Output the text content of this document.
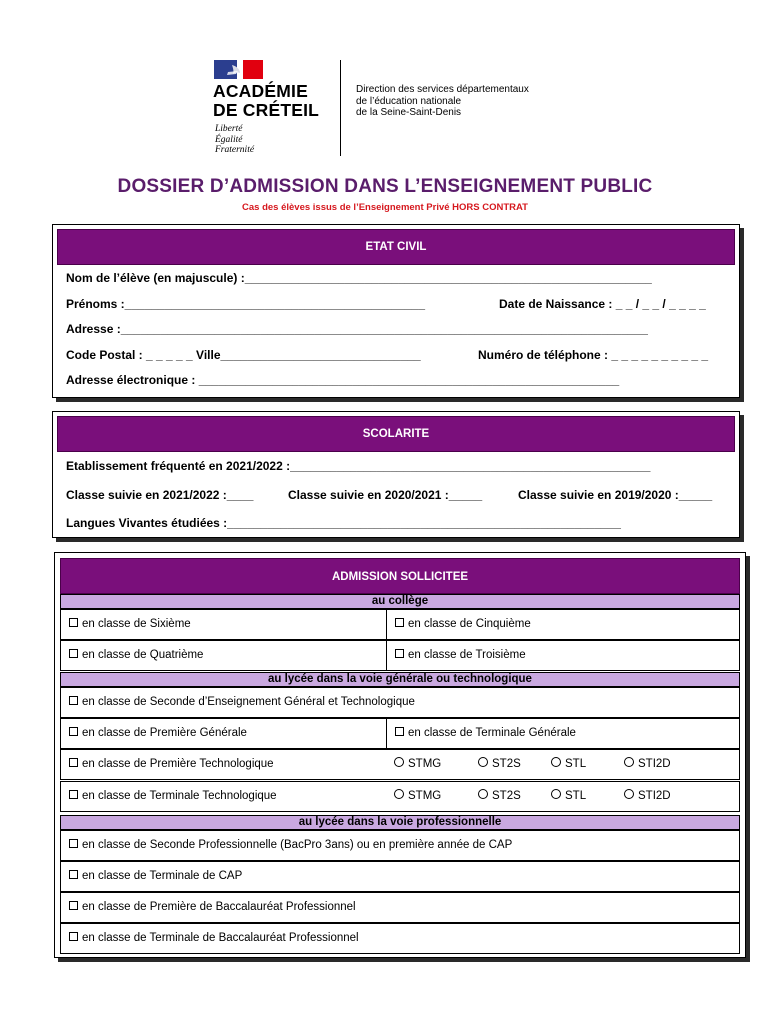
ACADÉMIE
DE CRÉTEIL
Liberté
Égalité
Fraternité
Direction des services départementaux
de l’éducation nationale
de la Seine-Saint-Denis
DOSSIER D’ADMISSION DANS L’ENSEIGNEMENT PUBLIC
Cas des élèves issus de l’Enseignement Privé HORS CONTRAT
ETAT CIVIL
Nom de l’élève (en majuscule) :_____________________________________________________________
Prénoms :_____________________________________________	Date de Naissance : _ _ / _ _ / _ _ _ _
Adresse :_______________________________________________________________________________
Code Postal : _ _ _ _ _ Ville______________________________	Numéro de téléphone : _ _ _ _ _ _ _ _ _ _
Adresse électronique : _______________________________________________________________
SCOLARITE
Etablissement fréquenté en 2021/2022 :______________________________________________________
Classe suivie en 2021/2022 :____	Classe suivie en 2020/2021 :_____	Classe suivie en 2019/2020 :_____
Langues Vivantes étudiées :___________________________________________________________
ADMISSION SOLLICITEE
au collège
en classe de Sixième	en classe de Cinquième
en classe de Quatrième	en classe de Troisième
au lycée dans la voie générale ou technologique
en classe de Seconde d’Enseignement Général et Technologique
en classe de Première Générale	en classe de Terminale Générale
en classe de Première Technologique	STMG	ST2S	STL	STI2D
en classe de Terminale Technologique	STMG	ST2S	STL	STI2D
au lycée dans la voie professionnelle
en classe de Seconde Professionnelle (BacPro 3ans) ou en première année de CAP
en classe de Terminale de CAP
en classe de Première de Baccalauréat Professionnel
en classe de Terminale de Baccalauréat Professionnel
